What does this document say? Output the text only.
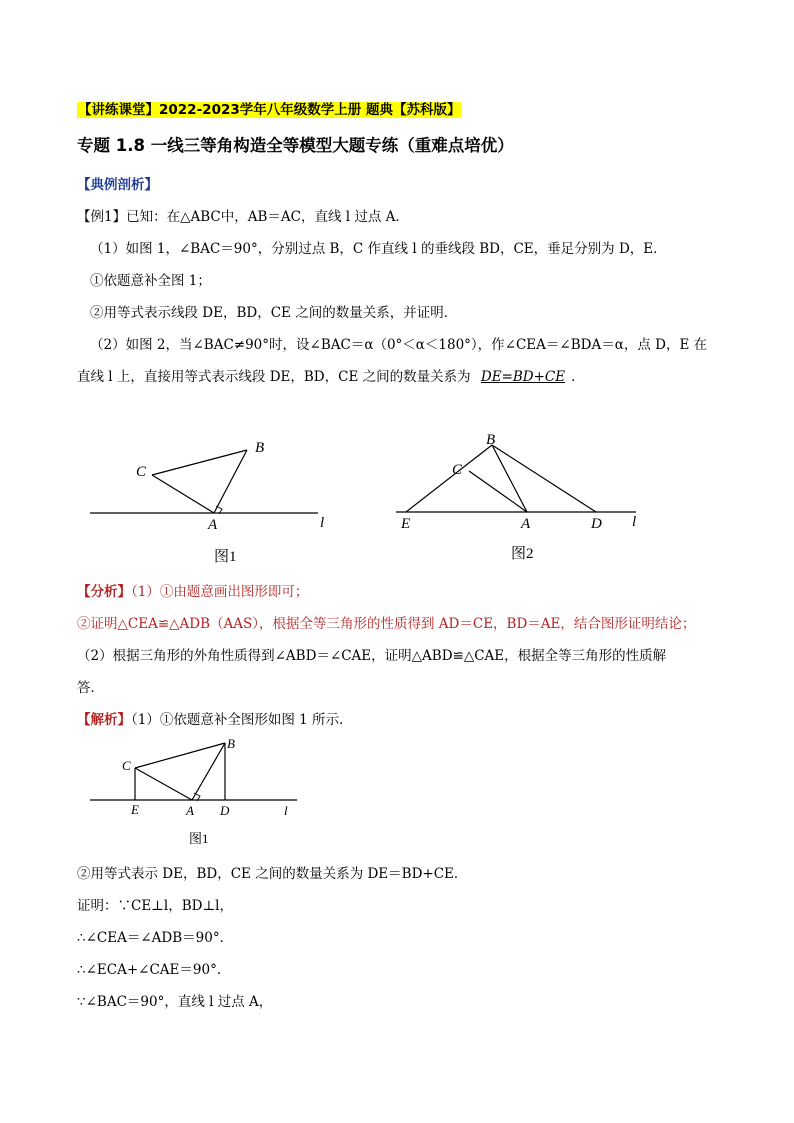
【讲练课堂】2022-2023学年八年级数学上册 题典【苏科版】
专题 1.8 一线三等角构造全等模型大题专练（重难点培优）
【典例剖析】
【例1】已知：在△ABC中，AB＝AC，直线 l 过点 A．
（1）如图 1，∠BAC＝90°，分别过点 B，C 作直线 l 的垂线段 BD，CE，垂足分别为 D，E．
①依题意补全图 1；
②用等式表示线段 DE，BD，CE 之间的数量关系，并证明．
（2）如图 2，当∠BAC≠90°时，设∠BAC＝α（0°＜α＜180°），作∠CEA＝∠BDA＝α，点 D，E 在
直线 l 上，直接用等式表示线段 DE，BD，CE 之间的数量关系为 DE=BD+CE ．
B
C
A	l
图1
B
C
E	A	D l
图2
【分析】（1）①由题意画出图形即可；
②证明△CEA≌△ADB（AAS），根据全等三角形的性质得到 AD＝CE，BD＝AE，结合图形证明结论；
（2）根据三角形的外角性质得到∠ABD＝∠CAE，证明△ABD≌△CAE，根据全等三角形的性质解
答．
【解析】（1）①依题意补全图形如图 1 所示．
B
C
E	A D	l
图1
②用等式表示 DE，BD，CE 之间的数量关系为 DE＝BD+CE．
证明：∵CE⊥l，BD⊥l，
∴∠CEA＝∠ADB＝90°．
∴∠ECA+∠CAE＝90°．
∵∠BAC＝90°，直线 l 过点 A，
